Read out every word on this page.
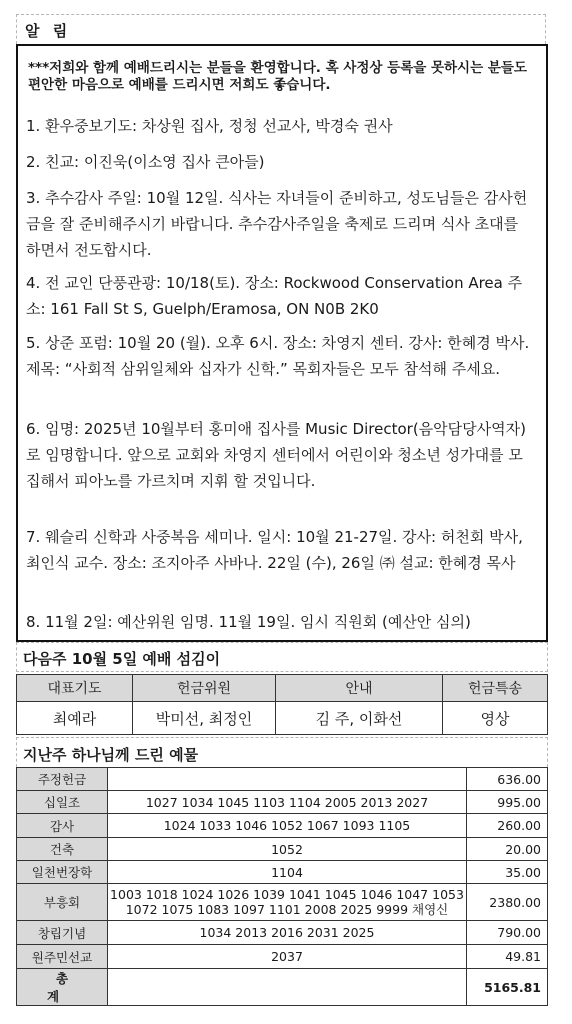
알 림

***저희와 함께 예배드리시는 분들을 환영합니다. 혹 사정상 등록을 못하시는 분들도 편안한 마음으로 예배를 드리시면 저희도 좋습니다.

1. 환우중보기도: 차상원 집사, 정청 선교사, 박경숙 권사

2. 친교: 이진욱(이소영 집사 큰아들)

3. 추수감사 주일: 10월 12일. 식사는 자녀들이 준비하고, 성도님들은 감사헌금을 잘 준비해주시기 바랍니다. 추수감사주일을 축제로 드리며 식사 초대를 하면서 전도합시다.

4. 전 교인 단풍관광: 10/18(토). 장소: Rockwood Conservation Area 주소: 161 Fall St S, Guelph/Eramosa, ON N0B 2K0

5. 상준 포럼: 10월 20 (월). 오후 6시. 장소: 차영지 센터. 강사: 한혜경 박사. 제목: “사회적 삼위일체와 십자가 신학.” 목회자들은 모두 참석해 주세요.

6. 임명: 2025년 10월부터 홍미애 집사를 Music Director(음악담당사역자)로 임명합니다. 앞으로 교회와 차영지 센터에서 어린이와 청소년 성가대를 모집해서 피아노를 가르치며 지휘 할 것입니다.

7. 웨슬리 신학과 사중복음 세미나. 일시: 10월 21-27일. 강사: 허천회 박사, 최인식 교수. 장소: 조지아주 사바나. 22일 (수), 26일 ㈜ 설교: 한혜경 목사

8. 11월 2일: 예산위원 임명. 11월 19일. 임시 직원회 (예산안 심의)

다음주 10월 5일 예배 섬김이
대표기도	헌금위원	안내	헌금특송
최예라	박미선, 최정인	김 주, 이화선	영상
지난주 하나님께 드린 예물
주정헌금		636.00
십일조	1027 1034 1045 1103 1104 2005 2013 2027	995.00
감사	1024 1033 1046 1052 1067 1093 1105	260.00
건축	1052	20.00
일천번장학	1104	35.00
부흥회	1003 1018 1024 1026 1039 1041 1045 1046 1047 1053
1072 1075 1083 1097 1101 2008 2025 9999 채영신	2380.00
창립기념	1034 2013 2016 2031 2025	790.00
원주민선교	2037	49.81
총 계		5165.81
